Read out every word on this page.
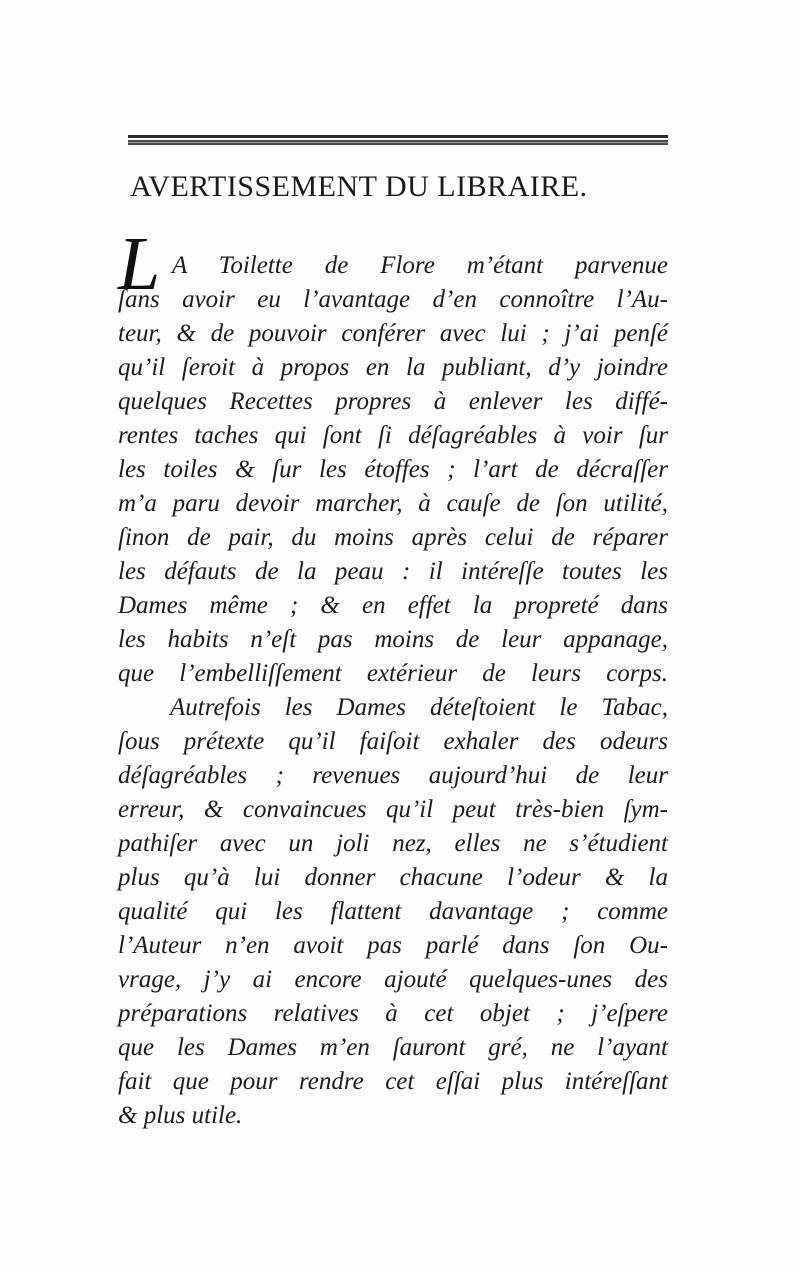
AVERTISSEMENT DU LIBRAIRE.
L A Toilette de Flore m’étant parvenue
ſans avoir eu l’avantage d’en connoître l’Au-
teur, & de pouvoir conférer avec lui ; j’ai penſé
qu’il ſeroit à propos en la publiant, d’y joindre
quelques Recettes propres à enlever les diffé-
rentes taches qui ſont ſi déſagréables à voir ſur
les toiles & ſur les étoffes ; l’art de décraſſer
m’a paru devoir marcher, à cauſe de ſon utilité,
ſinon de pair, du moins après celui de réparer
les défauts de la peau : il intéreſſe toutes les
Dames même ; & en effet la propreté dans
les habits n’eſt pas moins de leur appanage,
que l’embelliſſement extérieur de leurs corps.
Autrefois les Dames déteſtoient le Tabac,
ſous prétexte qu’il faiſoit exhaler des odeurs
déſagréables ; revenues aujourd’hui de leur
erreur, & convaincues qu’il peut très-bien ſym-
pathiſer avec un joli nez, elles ne s’étudient
plus qu’à lui donner chacune l’odeur & la
qualité qui les flattent davantage ; comme
l’Auteur n’en avoit pas parlé dans ſon Ou-
vrage, j’y ai encore ajouté quelques-unes des
préparations relatives à cet objet ; j’eſpere
que les Dames m’en ſauront gré, ne l’ayant
fait que pour rendre cet eſſai plus intéreſſant
& plus utile.
